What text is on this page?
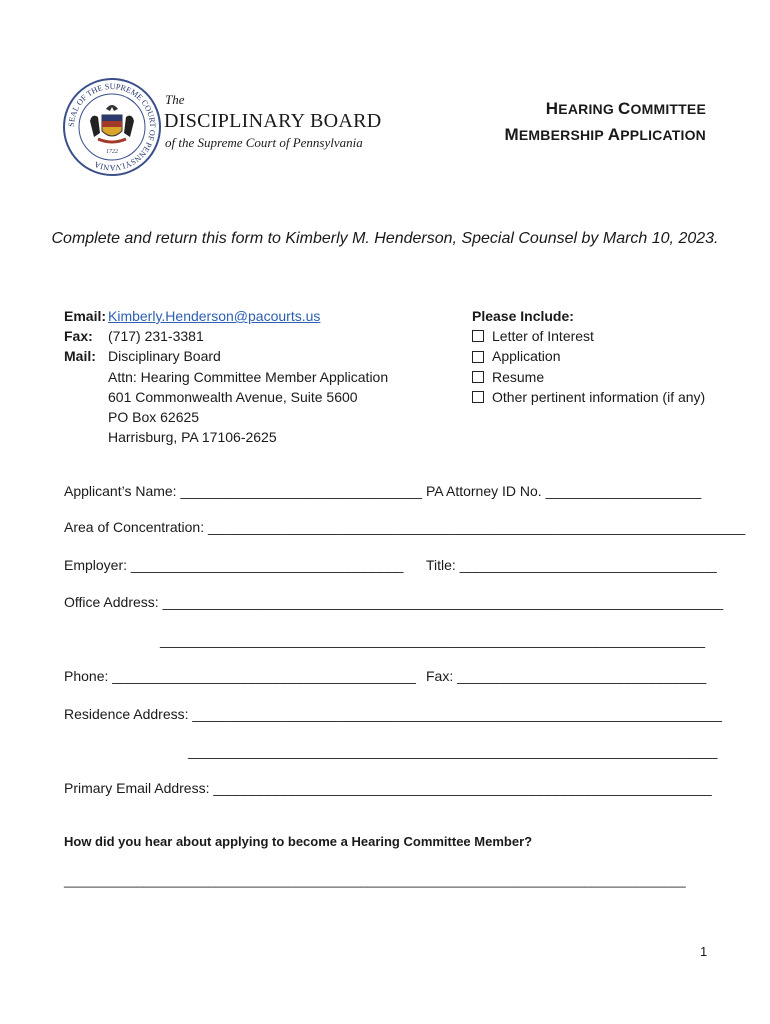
SEAL OF THE SUPREME COURT OF PENNSYLVANIA
1722
The
DISCIPLINARY BOARD
of the Supreme Court of Pennsylvania
HEARING COMMITTEE
MEMBERSHIP APPLICATION
Complete and return this form to Kimberly M. Henderson, Special Counsel by March 10, 2023.
Email: Kimberly.Henderson@pacourts.us
Fax: (717) 231-3381
Mail: Disciplinary Board
Attn: Hearing Committee Member Application
601 Commonwealth Avenue, Suite 5600
PO Box 62625
Harrisburg, PA 17106-2625
Please Include:
Letter of Interest
Application
Resume
Other pertinent information (if any)
Applicant’s Name: _______________________________ PA Attorney ID No. ____________________
Area of Concentration: _____________________________________________________________________
Employer: ___________________________________ Title: _________________________________
Office Address: ________________________________________________________________________
______________________________________________________________________
Phone: _______________________________________ Fax: ________________________________
Residence Address: ____________________________________________________________________
____________________________________________________________________
Primary Email Address: ________________________________________________________________
How did you hear about applying to become a Hearing Committee Member?
______________________________________________________________________________________
1
